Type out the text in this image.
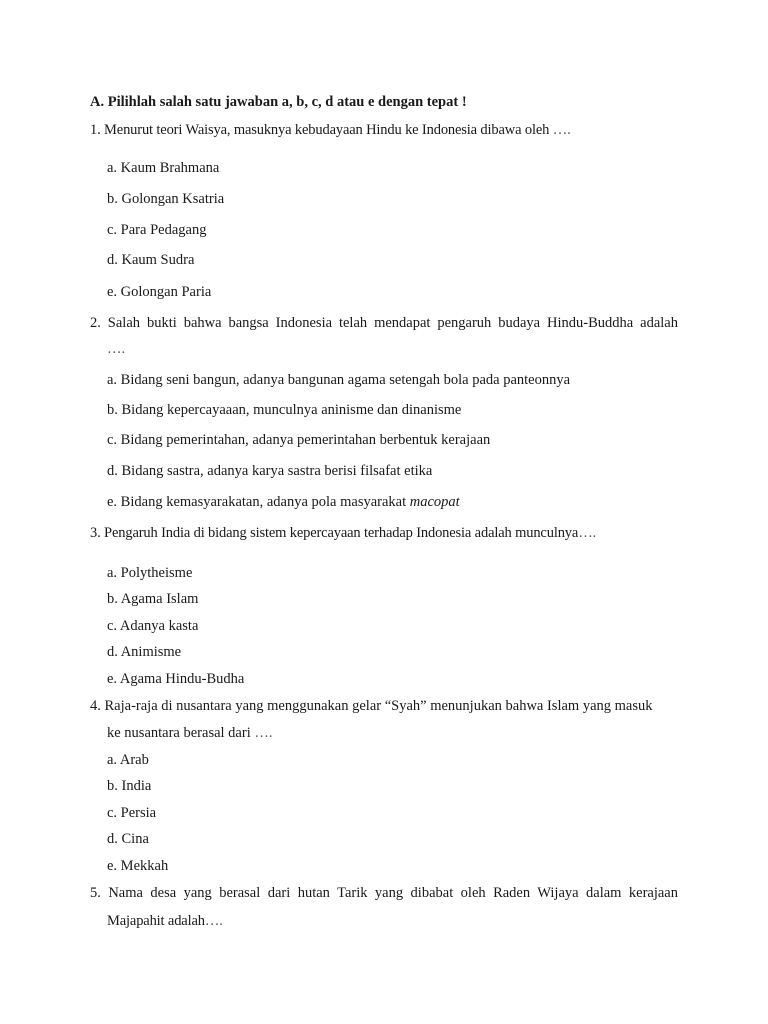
A. Pilihlah salah satu jawaban a, b, c, d atau e dengan tepat !
1. Menurut teori Waisya, masuknya kebudayaan Hindu ke Indonesia dibawa oleh ….
a. Kaum Brahmana
b. Golongan Ksatria
c. Para Pedagang
d. Kaum Sudra
e. Golongan Paria
2. Salah bukti bahwa bangsa Indonesia telah mendapat pengaruh budaya Hindu-Buddha adalah
….
a. Bidang seni bangun, adanya bangunan agama setengah bola pada panteonnya
b. Bidang kepercayaaan, munculnya aninisme dan dinanisme
c. Bidang pemerintahan, adanya pemerintahan berbentuk kerajaan
d. Bidang sastra, adanya karya sastra berisi filsafat etika
e. Bidang kemasyarakatan, adanya pola masyarakat macopat
3. Pengaruh India di bidang sistem kepercayaan terhadap Indonesia adalah munculnya….
a. Polytheisme
b. Agama Islam
c. Adanya kasta
d. Animisme
e. Agama Hindu-Budha
4. Raja-raja di nusantara yang menggunakan gelar “Syah” menunjukan bahwa Islam yang masuk
ke nusantara berasal dari ….
a. Arab
b. India
c. Persia
d. Cina
e. Mekkah
5. Nama desa yang berasal dari hutan Tarik yang dibabat oleh Raden Wijaya dalam kerajaan
Majapahit adalah….
